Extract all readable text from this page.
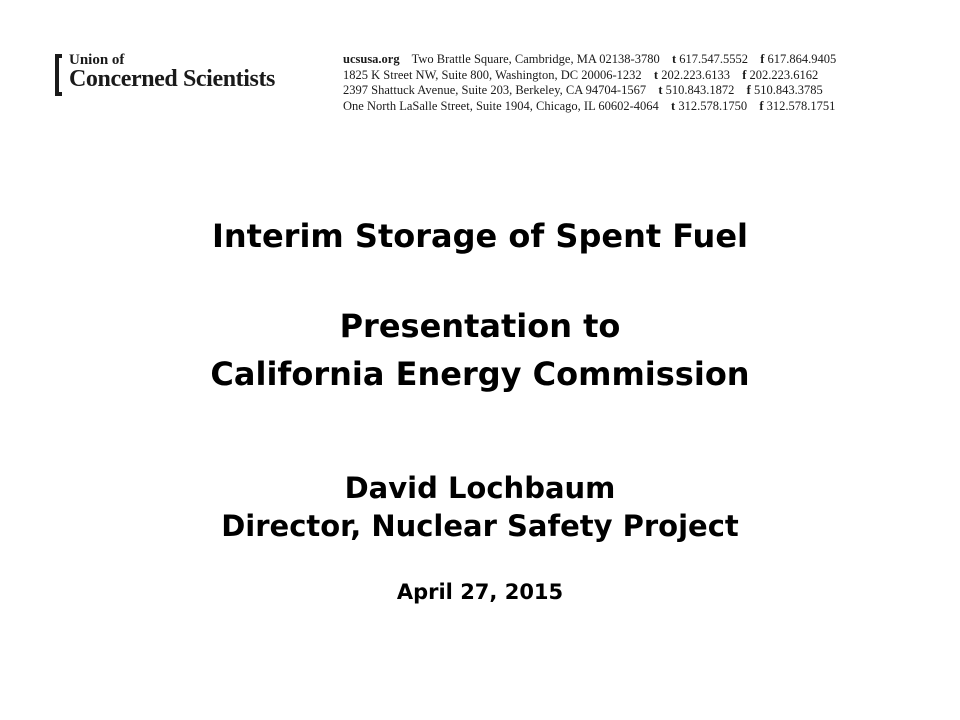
Union of
Concerned Scientists
ucsusa.org Two Brattle Square, Cambridge, MA 02138-3780 t 617.547.5552 f 617.864.9405
1825 K Street NW, Suite 800, Washington, DC 20006-1232 t 202.223.6133 f 202.223.6162
2397 Shattuck Avenue, Suite 203, Berkeley, CA 94704-1567 t 510.843.1872 f 510.843.3785
One North LaSalle Street, Suite 1904, Chicago, IL 60602-4064 t 312.578.1750 f 312.578.1751
Interim Storage of Spent Fuel
Presentation to
California Energy Commission
David Lochbaum
Director, Nuclear Safety Project
April 27, 2015
